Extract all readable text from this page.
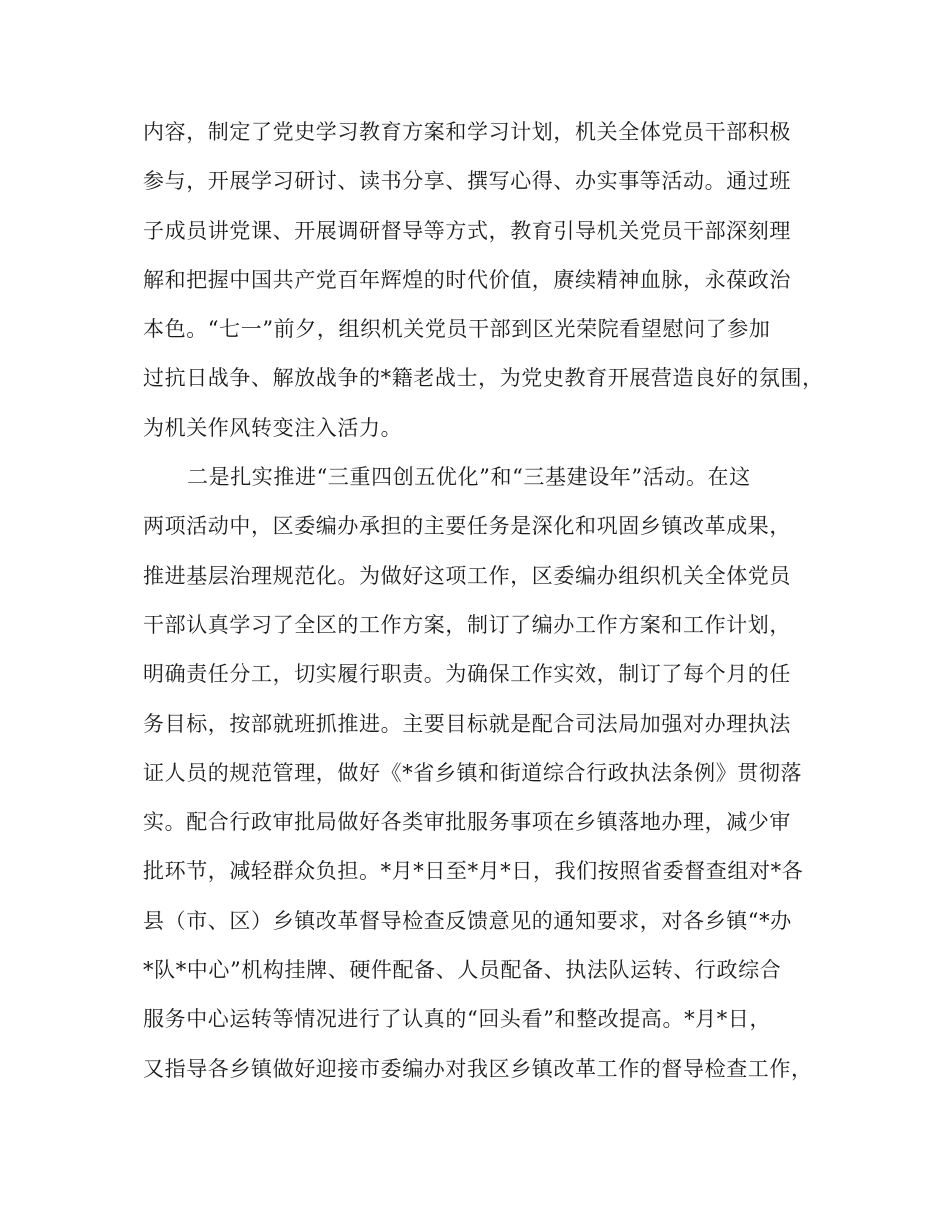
内容，制定了党史学习教育方案和学习计划，机关全体党员干部积极
参与，开展学习研讨、读书分享、撰写心得、办实事等活动。通过班
子成员讲党课、开展调研督导等方式，教育引导机关党员干部深刻理
解和把握中国共产党百年辉煌的时代价值，赓续精神血脉，永葆政治
本色。“七一”前夕，组织机关党员干部到区光荣院看望慰问了参加
过抗日战争、解放战争的*籍老战士，为党史教育开展营造良好的氛围，
为机关作风转变注入活力。
二是扎实推进“三重四创五优化”和“三基建设年”活动。在这
两项活动中，区委编办承担的主要任务是深化和巩固乡镇改革成果，
推进基层治理规范化。为做好这项工作，区委编办组织机关全体党员
干部认真学习了全区的工作方案，制订了编办工作方案和工作计划，
明确责任分工，切实履行职责。为确保工作实效，制订了每个月的任
务目标，按部就班抓推进。主要目标就是配合司法局加强对办理执法
证人员的规范管理，做好《*省乡镇和街道综合行政执法条例》贯彻落
实。配合行政审批局做好各类审批服务事项在乡镇落地办理，减少审
批环节，减轻群众负担。*月*日至*月*日，我们按照省委督查组对*各
县（市、区）乡镇改革督导检查反馈意见的通知要求，对各乡镇“*办
*队*中心”机构挂牌、硬件配备、人员配备、执法队运转、行政综合
服务中心运转等情况进行了认真的“回头看”和整改提高。*月*日，
又指导各乡镇做好迎接市委编办对我区乡镇改革工作的督导检查工作，
